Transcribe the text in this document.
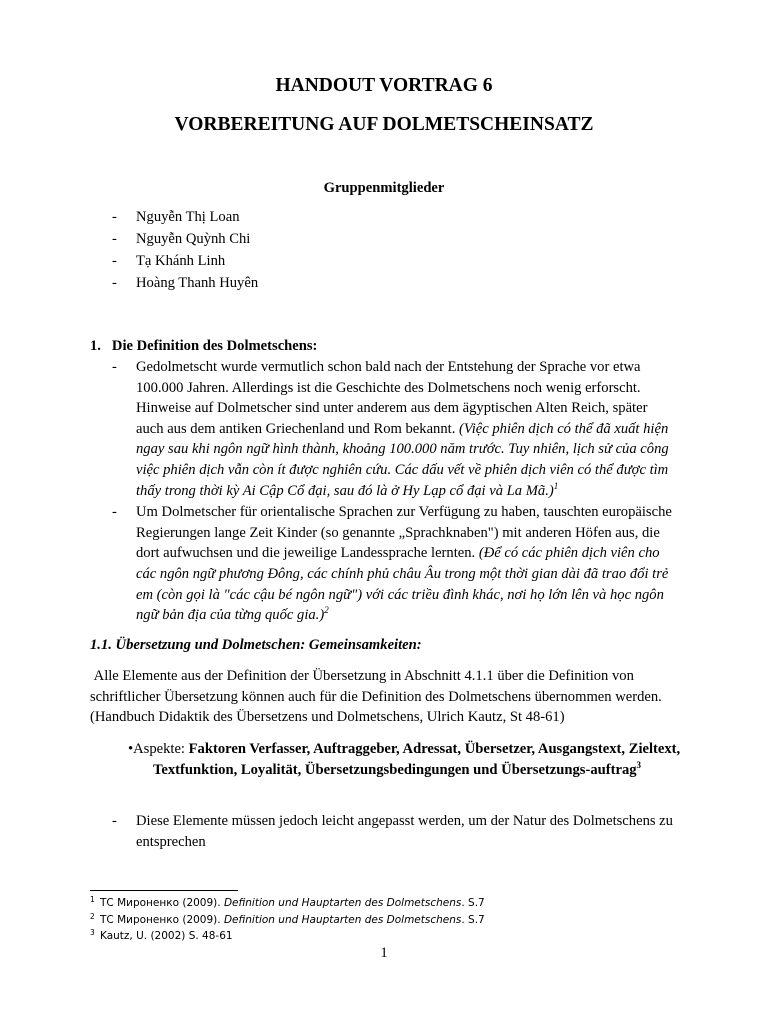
HANDOUT VORTRAG 6
VORBEREITUNG AUF DOLMETSCHEINSATZ
Gruppenmitglieder
- Nguyễn Thị Loan
- Nguyễn Quỳnh Chi
- Tạ Khánh Linh
- Hoàng Thanh Huyên
1. Die Definition des Dolmetschens:
- Gedolmetscht wurde vermutlich schon bald nach der Entstehung der Sprache vor etwa 100.000 Jahren. Allerdings ist die Geschichte des Dolmetschens noch wenig erforscht. Hinweise auf Dolmetscher sind unter anderem aus dem ägyptischen Alten Reich, später auch aus dem antiken Griechenland und Rom bekannt. (Việc phiên dịch có thể đã xuất hiện ngay sau khi ngôn ngữ hình thành, khoảng 100.000 năm trước. Tuy nhiên, lịch sử của công việc phiên dịch vẫn còn ít được nghiên cứu. Các dấu vết về phiên dịch viên có thể được tìm thấy trong thời kỳ Ai Cập Cổ đại, sau đó là ở Hy Lạp cổ đại và La Mã.)$^1$
- Um Dolmetscher für orientalische Sprachen zur Verfügung zu haben, tauschten europäische Regierungen lange Zeit Kinder (so genannte „Sprachknaben") mit anderen Höfen aus, die dort aufwuchsen und die jeweilige Landessprache lernten. (Để có các phiên dịch viên cho các ngôn ngữ phương Đông, các chính phủ châu Âu trong một thời gian dài đã trao đổi trẻ em (còn gọi là "các cậu bé ngôn ngữ") với các triều đình khác, nơi họ lớn lên và học ngôn ngữ bản địa của từng quốc gia.)$^2$
1.1. Übersetzung und Dolmetschen: Gemeinsamkeiten:
Alle Elemente aus der Definition der Übersetzung in Abschnitt 4.1.1 über die Definition von schriftlicher Übersetzung können auch für die Definition des Dolmetschens übernommen werden. (Handbuch Didaktik des Übersetzens und Dolmetschens, Ulrich Kautz, St 48-61)
•Aspekte: Faktoren Verfasser, Auftraggeber, Adressat, Übersetzer, Ausgangstext, Zieltext, Textfunktion, Loyalität, Übersetzungsbedingungen und Übersetzungs-auftrag$^3$
- Diese Elemente müssen jedoch leicht angepasst werden, um der Natur des Dolmetschens zu entsprechen
1 ТС Мироненко (2009). Definition und Hauptarten des Dolmetschens. S.7
2 ТС Мироненко (2009). Definition und Hauptarten des Dolmetschens. S.7
3 Kautz, U. (2002) S. 48-61
1
